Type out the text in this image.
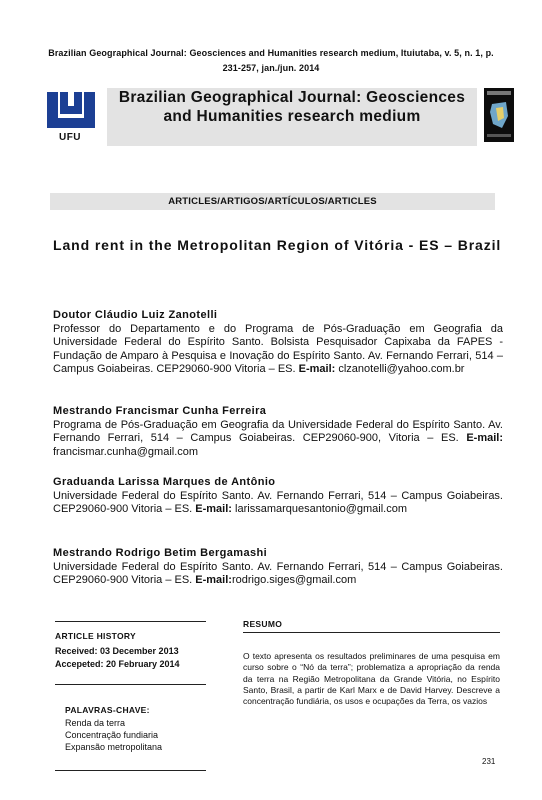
Brazilian Geographical Journal: Geosciences and Humanities research medium, Ituiutaba, v. 5, n. 1, p. 231-257, jan./jun. 2014
UFU
Brazilian Geographical Journal: Geosciences and Humanities research medium
ARTICLES/ARTIGOS/ARTÍCULOS/ARTICLES
Land rent in the Metropolitan Region of Vitória - ES – Brazil
Doutor Cláudio Luiz Zanotelli
Professor do Departamento e do Programa de Pós-Graduação em Geografia da Universidade Federal do Espírito Santo. Bolsista Pesquisador Capixaba da FAPES - Fundação de Amparo à Pesquisa e Inovação do Espírito Santo. Av. Fernando Ferrari, 514 – Campus Goiabeiras. CEP29060-900 Vitoria – ES. E-mail: clzanotelli@yahoo.com.br
Mestrando Francismar Cunha Ferreira
Programa de Pós-Graduação em Geografia da Universidade Federal do Espírito Santo. Av. Fernando Ferrari, 514 – Campus Goiabeiras. CEP29060-900, Vitoria – ES. E-mail: francismar.cunha@gmail.com
Graduanda Larissa Marques de Antônio
Universidade Federal do Espírito Santo. Av. Fernando Ferrari, 514 – Campus Goiabeiras. CEP29060-900 Vitoria – ES. E-mail: larissamarquesantonio@gmail.com
Mestrando Rodrigo Betim Bergamashi
Universidade Federal do Espírito Santo. Av. Fernando Ferrari, 514 – Campus Goiabeiras. CEP29060-900 Vitoria – ES. E-mail:rodrigo.siges@gmail.com
ARTICLE HISTORY
Received: 03 December 2013
Accepeted: 20 February 2014
PALAVRAS-CHAVE:
Renda da terra
Concentração fundiaria
Expansão metropolitana
RESUMO
O texto apresenta os resultados preliminares de uma pesquisa em curso sobre o “Nó da terra”; problematiza a apropriação da renda da terra na Região Metropolitana da Grande Vitória, no Espírito Santo, Brasil, a partir de Karl Marx e de David Harvey. Descreve a concentração fundiária, os usos e ocupações da Terra, os vazios
231
